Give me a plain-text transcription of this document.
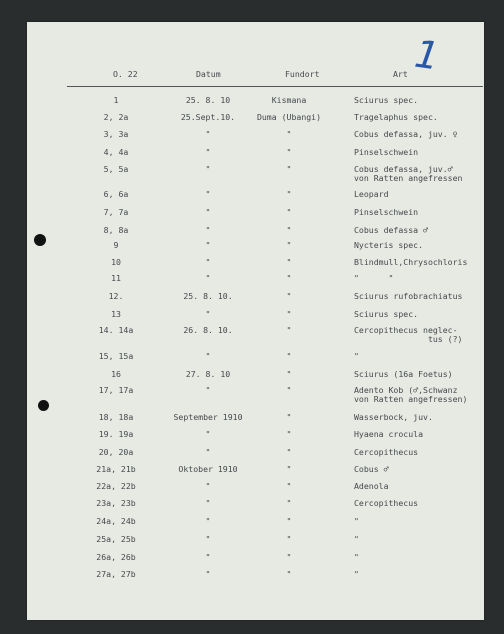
1
O. 22	Datum	Fundort	Art
1	25. 8. 10	Kismana	Sciurus spec.
2, 2a	25.Sept.10.	Duma (Ubangi)	Tragelaphus spec.
3, 3a	"	"	Cobus defassa, juv. ♀
4, 4a	"	"	Pinselschwein
5, 5a	"	"	Cobus defassa, juv.♂
von Ratten angefressen
6, 6a	"	"	Leopard
7, 7a	"	"	Pinselschwein
8, 8a	"	"	Cobus defassa ♂
9	"	"	Nycteris spec.
10	"	"	Blindmull,Chrysochloris
11	"	"	"      "
12.	25. 8. 10.	"	Sciurus rufobrachiatus
13	"	"	Sciurus spec.
14. 14a	26. 8. 10.	"	Cercopithecus neglec-
tus (?)
15, 15a	"	"	"
16	27. 8. 10	"	Sciurus (16a Foetus)
17, 17a	"	"	Adento Kob (♂,Schwanz
von Ratten angefressen)
18, 18a	September 1910	"	Wasserbock, juv.
19. 19a	"	"	Hyaena crocula
20, 20a	"	"	Cercopithecus
21a, 21b	Oktober 1910	"	Cobus ♂
22a, 22b	"	"	Adenola
23a, 23b	"	"	Cercopithecus
24a, 24b	"	"	"
25a, 25b	"	"	"
26a, 26b	"	"	"
27a, 27b	"	"	"
